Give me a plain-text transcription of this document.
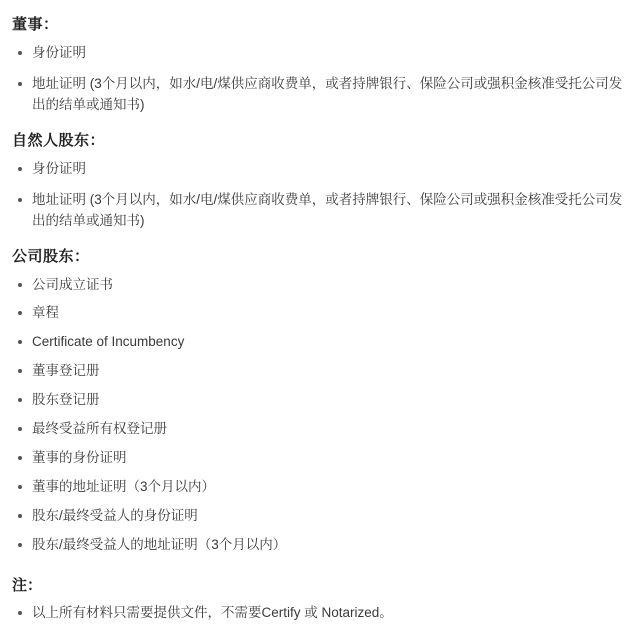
董事：
身份证明
地址证明 (3个月以内，如水/电/煤供应商收费单，或者持牌银行、保险公司或强积金核准受托公司发出的结单或通知书)
自然人股东：
身份证明
地址证明 (3个月以内，如水/电/煤供应商收费单，或者持牌银行、保险公司或强积金核准受托公司发出的结单或通知书)
公司股东：
公司成立证书
章程
Certificate of Incumbency
董事登记册
股东登记册
最终受益所有权登记册
董事的身份证明
董事的地址证明（3个月以内）
股东/最终受益人的身份证明
股东/最终受益人的地址证明（3个月以内）
注：
以上所有材料只需要提供文件，不需要Certify 或 Notarized。
